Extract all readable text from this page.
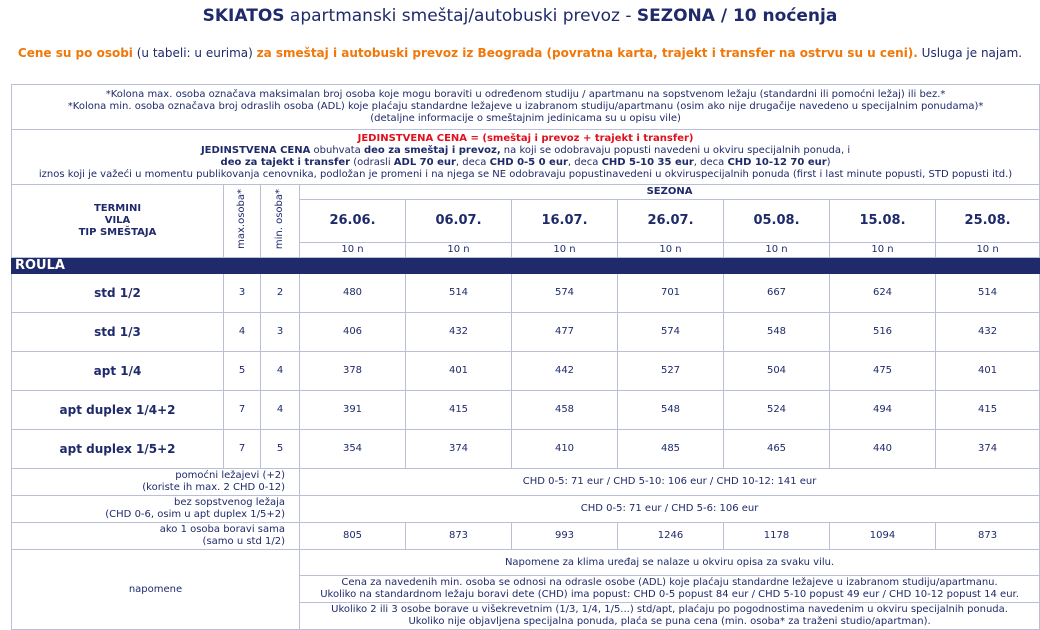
SKIATOS apartmanski smeštaj/autobuski prevoz - SEZONA / 10 noćenja
Cene su po osobi (u tabeli: u eurima) za smeštaj i autobuski prevoz iz Beograda (povratna karta, trajekt i transfer na ostrvu su u ceni). Usluga je najam.
*Kolona max. osoba označava maksimalan broj osoba koje mogu boraviti u određenom studiju / apartmanu na sopstvenom ležaju (standardni ili pomoćni ležaj) ili bez.*
*Kolona min. osoba označava broj odraslih osoba (ADL) koje plaćaju standardne ležajeve u izabranom studiju/apartmanu (osim ako nije drugačije navedeno u specijalnim ponudama)*
(detaljne informacije o smeštajnim jedinicama su u opisu vile)									

JEDINSTVENA CENA = (smeštaj i prevoz + trajekt i transfer)
JEDINSTVENA CENA obuhvata deo za smeštaj i prevoz, na koji se odobravaju popusti navedeni u okviru specijalnih ponuda, i
deo za tajekt i transfer (odrasli ADL 70 eur, deca CHD 0-5 0 eur, deca CHD 5-10 35 eur, deca CHD 10-12 70 eur)
iznos koji je važeći u momentu publikovanja cenovnika, podložan je promeni i na njega se NE odobravaju popustinavedeni u okviruspecijalnih ponuda (first i last minute popusti, STD popusti itd.)									

TERMINI
VILA
TIP SMEŠTAJA	max.osoba*	min. osoba*	SEZONA						
			26.06.	06.07.	16.07.	26.07.	05.08.	15.08.	25.08.
			10 n	10 n	10 n	10 n	10 n	10 n	10 n
ROULA									
std 1/2	3	2	480	514	574	701	667	624	514
std 1/3	4	3	406	432	477	574	548	516	432
apt 1/4	5	4	378	401	442	527	504	475	401
apt duplex 1/4+2	7	4	391	415	458	548	524	494	415
apt duplex 1/5+2	7	5	354	374	410	485	465	440	374

pomoćni ležajevi (+2)
(koriste ih max. 2 CHD 0-12)			CHD 0-5: 71 eur / CHD 5-10: 106 eur / CHD 10-12: 141 eur						

bez sopstvenog ležaja
(CHD 0-6, osim u apt duplex 1/5+2)			CHD 0-5: 71 eur / CHD 5-6: 106 eur						

ako 1 osoba boravi sama
(samo u std 1/2)			805	873	993	1246	1178	1094	873
napomene			Napomene za klima uređaj se nalaze u okviru opisa za svaku vilu.						

			Cena za navedenih min. osoba se odnosi na odrasle osobe (ADL) koje plaćaju standardne ležajeve u izabranom studiju/apartmanu.
Ukoliko na standardnom ležaju boravi dete (CHD) ima popust: CHD 0-5 popust 84 eur / CHD 5-10 popust 49 eur / CHD 10-12 popust 14 eur.						

			Ukoliko 2 ili 3 osobe borave u višekrevetnim (1/3, 1/4, 1/5...) std/apt, plaćaju po pogodnostima navedenim u okviru specijalnih ponuda.
Ukoliko nije objavljena specijalna ponuda, plaća se puna cena (min. osoba* za traženi studio/apartman).						
